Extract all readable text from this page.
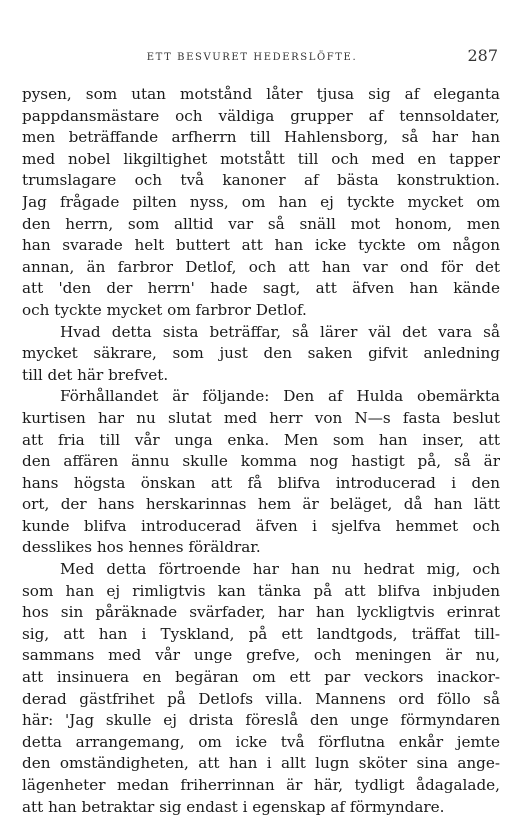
ETT BESVURET HEDERSLÖFTE.	287
pysen, som utan motstånd låter tjusa sig af eleganta
pappdansmästare och väldiga grupper af tennsoldater,
men beträffande arfherrn till Hahlensborg, så har han
med nobel likgiltighet motstått till och med en tapper
trumslagare och två kanoner af bästa konstruktion.
Jag frågade pilten nyss, om han ej tyckte mycket om
den herrn, som alltid var så snäll mot honom, men
han svarade helt buttert att han icke tyckte om någon
annan, än farbror Detlof, och att han var ond för det
att 'den der herrn' hade sagt, att äfven han kände
och tyckte mycket om farbror Detlof.
Hvad detta sista beträffar, så lärer väl det vara så
mycket säkrare, som just den saken gifvit anledning
till det här brefvet.
Förhållandet är följande: Den af Hulda obemärkta
kurtisen har nu slutat med herr von N—s fasta beslut
att fria till vår unga enka. Men som han inser, att
den affären ännu skulle komma nog hastigt på, så är
hans högsta önskan att få blifva introducerad i den
ort, der hans herskarinnas hem är beläget, då han lätt
kunde blifva introducerad äfven i sjelfva hemmet och
desslikes hos hennes föräldrar.
Med detta förtroende har han nu hedrat mig, och
som han ej rimligtvis kan tänka på att blifva inbjuden
hos sin påräknade svärfader, har han lyckligtvis erinrat
sig, att han i Tyskland, på ett landtgods, träffat till-
sammans med vår unge grefve, och meningen är nu,
att insinuera en begäran om ett par veckors inackor-
derad gästfrihet på Detlofs villa. Mannens ord föllo så
här: 'Jag skulle ej drista föreslå den unge förmyndaren
detta arrangemang, om icke två förflutna enkår jemte
den omständigheten, att han i allt lugn sköter sina ange-
lägenheter medan friherrinnan är här, tydligt ådagalade,
att han betraktar sig endast i egenskap af förmyndare.
